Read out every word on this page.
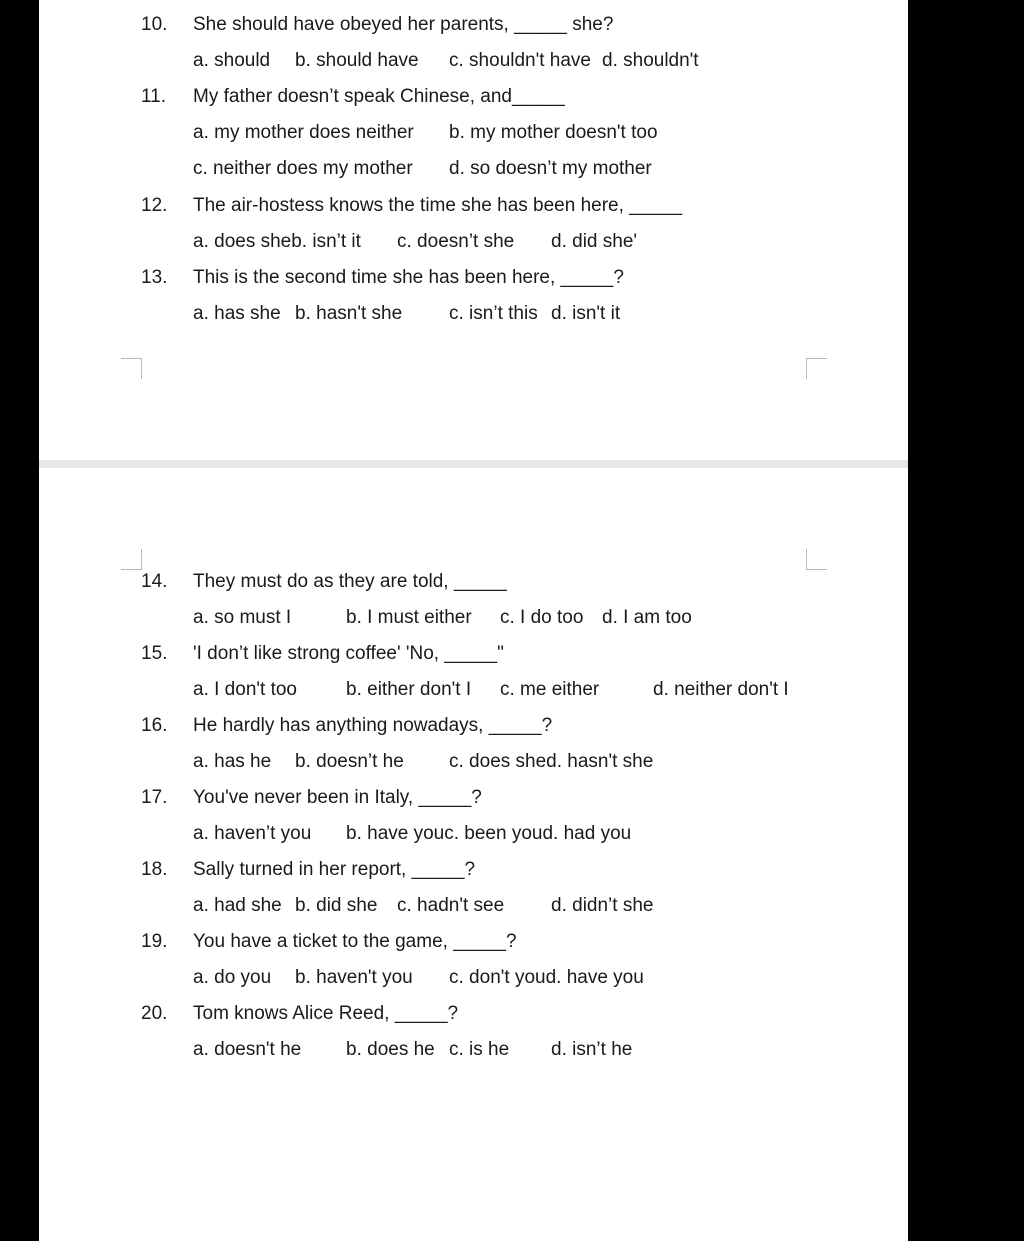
10. She should have obeyed her parents, _____ she?
a. should b. should have c. shouldn't have d. shouldn't
11. My father doesn’t speak Chinese, and_____
a. my mother does neither b. my mother doesn't too
c. neither does my mother d. so doesn’t my mother
12. The air-hostess knows the time she has been here, _____
a. does sheb. isn’t it c. doesn’t she d. did she'
13. This is the second time she has been here, _____?
a. has she b. hasn't she c. isn’t this d. isn't it
14. They must do as they are told, _____
a. so must I	b. I must either c. I do too d. I am too
15. 'I don’t like strong coffee' 'No, _____"
a. I don't too	b. either don't I c. me either	d. neither don't I
16. He hardly has anything nowadays, _____?
a. has he b. doesn’t he c. does shed. hasn't she
17. You've never been in Italy, _____?
a. haven’t you b. have youc. been youd. had you
18. Sally turned in her report, _____?
a. had she b. did she c. hadn't see d. didn’t she
19. You have a ticket to the game, _____?
a. do you b. haven't you c. don't youd. have you
20. Tom knows Alice Reed, _____?
a. doesn't he b. does he c. is he d. isn’t he
